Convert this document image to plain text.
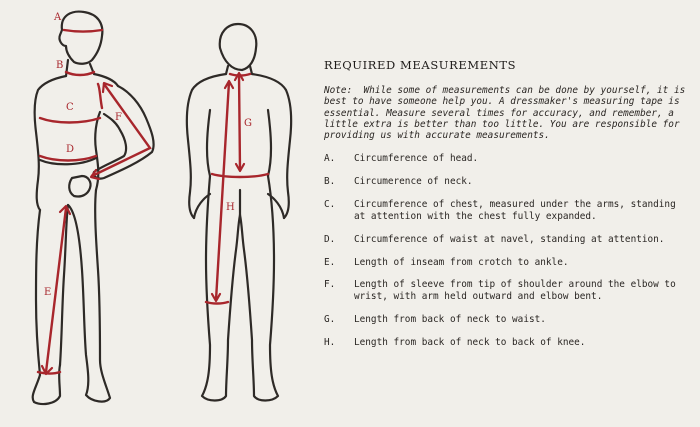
A
B
C
D
E
F
G
H
REQUIRED MEASUREMENTS

Note: While some of measurements can be done by yourself, it is best to have someone help you. A dressmaker's measuring tape is essential. Measure several times for accuracy, and remember, a little extra is better than too little. You are responsible for providing us with accurate measurements.

A.	Circumference of head.
B.	Circumerence of neck.
C.	Circumference of chest, measured under the arms, standing at attention with the chest fully expanded.
D.	Circumference of waist at navel, standing at attention.
E.	Length of inseam from crotch to ankle.
F.	Length of sleeve from tip of shoulder around the elbow to wrist, with arm held outward and elbow bent.
G.	Length from back of neck to waist.
H.	Length from back of neck to back of knee.
